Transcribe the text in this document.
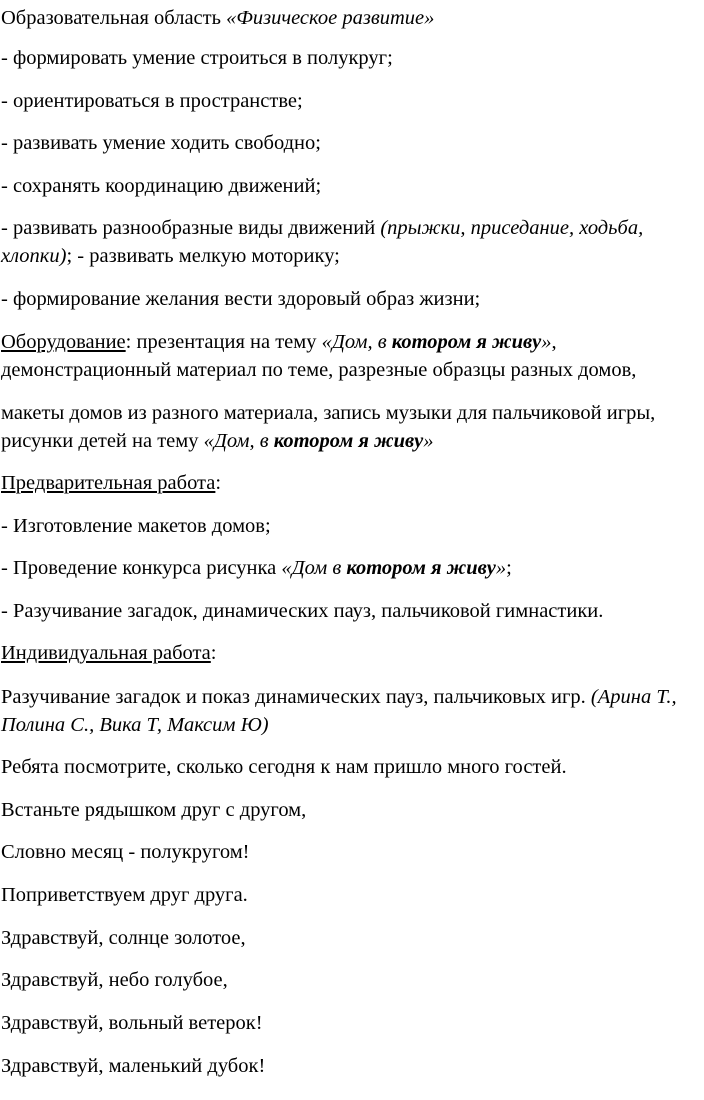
Образовательная область «Физическое развитие»
- формировать умение строиться в полукруг;
- ориентироваться в пространстве;
- развивать умение ходить свободно;
- сохранять координацию движений;
- развивать разнообразные виды движений (прыжки, приседание, ходьба,
хлопки); - развивать мелкую моторику;
- формирование желания вести здоровый образ жизни;
Оборудование: презентация на тему «Дом, в котором я живу»,
демонстрационный материал по теме, разрезные образцы разных домов,
макеты домов из разного материала, запись музыки для пальчиковой игры,
рисунки детей на тему «Дом, в котором я живу»
Предварительная работа:
- Изготовление макетов домов;
- Проведение конкурса рисунка «Дом в котором я живу»;
- Разучивание загадок, динамических пауз, пальчиковой гимнастики.
Индивидуальная работа:
Разучивание загадок и показ динамических пауз, пальчиковых игр. (Арина Т.,
Полина С., Вика Т, Максим Ю)
Ребята посмотрите, сколько сегодня к нам пришло много гостей.
Встаньте рядышком друг с другом,
Словно месяц - полукругом!
Поприветствуем друг друга.
Здравствуй, солнце золотое,
Здравствуй, небо голубое,
Здравствуй, вольный ветерок!
Здравствуй, маленький дубок!
